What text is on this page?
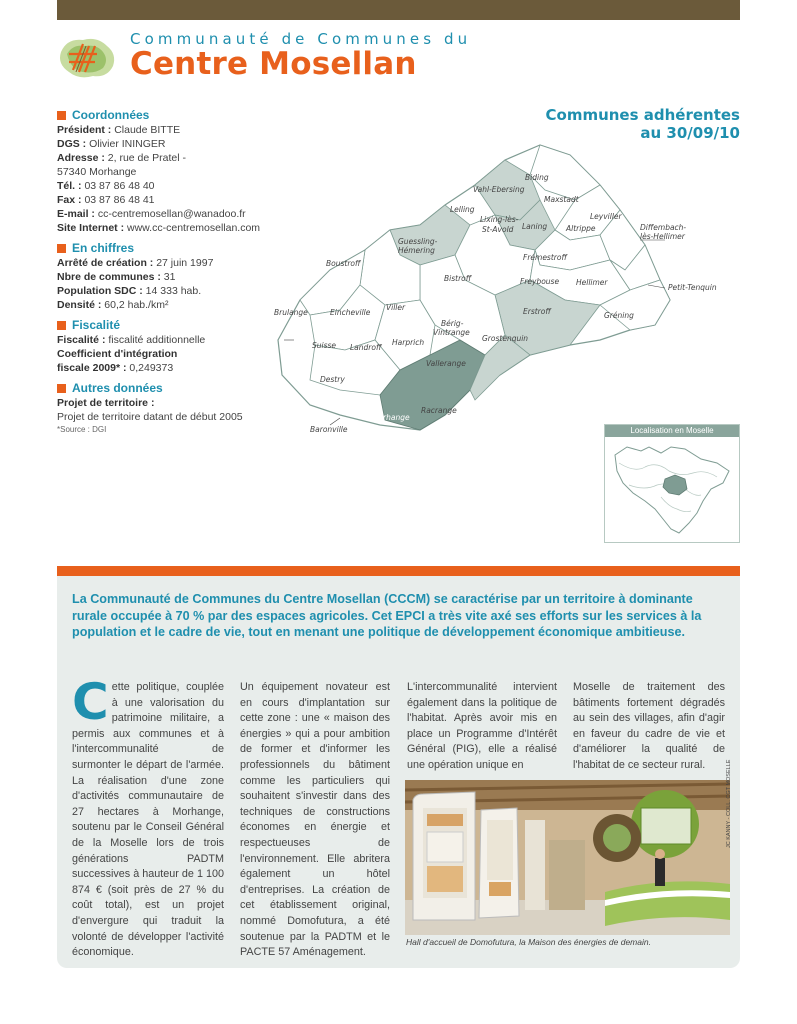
Communauté de Communes du
Centre Mosellan
Coordonnées
Président : Claude BITTE
DGS : Olivier ININGER
Adresse : 2, rue de Pratel -
57340 Morhange
Tél. : 03 87 86 48 40
Fax : 03 87 86 48 41
E-mail : cc-centremosellan@wanadoo.fr
Site Internet : www.cc-centremosellan.com
En chiffres
Arrêté de création : 27 juin 1997
Nbre de communes : 31
Population SDC : 14 333 hab.
Densité : 60,2 hab./km²
Fiscalité
Fiscalité : fiscalité additionnelle
Coefficient d'intégration
fiscale 2009* : 0,249373
Autres données
Projet de territoire :
Projet de territoire datant de début 2005
*Source : DGI
Communes adhérentes
au 30/09/10
Biding
Vahl-Ebersing
Maxstadt
Lelling
Leyviller
Lixing-lès-
St-Avold Laning	Altrippe	Diffembach-
lès-Hellimer
Guessling-
Hémering
Frémestroff
Boustroff
Bistroff	Freybouse Hellimer
Petit-Tenquin
Brulange	Eincheville
Viller	Erstroff	Gréning
Bérig-
Vintrange
Grostenquin
Suisse Landroff
Harprich
Vallerange
Destry
Racrange
Morhange
Baronville	Localisation en Moselle
La Communauté de Communes du Centre Mosellan (CCCM) se caractérise par un territoire à dominante rurale occupée à 70 % par des espaces agricoles. Cet EPCI a très vite axé ses efforts sur les services à la population et le cadre de vie, tout en menant une politique de développement économique ambitieuse.
Cette politique, couplée à une valorisation du patrimoine militaire, a permis aux communes et à l'intercommunalité de surmonter le départ de l'armée. La réalisation d'une zone d'activités communautaire de 27 hectares à Morhange, soutenu par le Conseil Général de la Moselle lors de trois générations PADTM successives à hauteur de 1 100 874 € (soit près de 27 % du coût total), est un projet d'envergure qui traduit la volonté de développer l'activité économique.
Un équipement novateur est en cours d'implantation sur cette zone : une « maison des énergies » qui a pour ambition de former et d'informer les professionnels du bâtiment comme les particuliers qui souhaitent s'investir dans des techniques de constructions économes en énergie et respectueuses de l'environnement. Elle abritera également un hôtel d'entreprises. La création de cet établissement original, nommé Domofutura, a été soutenue par la PADTM et le PACTE 57 Aménagement.
L'intercommunalité intervient également dans la politique de l'habitat. Après avoir mis en place un Programme d'Intérêt Général (PIG), elle a réalisé une opération unique en
Moselle de traitement des bâtiments fortement dégradés au sein des villages, afin d'agir en faveur du cadre de vie et d'améliorer la qualité de l'habitat de ce secteur rural.	JC KANNY - COLL. CGT MOSELLE
Hall d'accueil de Domofutura, la Maison des énergies de demain.
